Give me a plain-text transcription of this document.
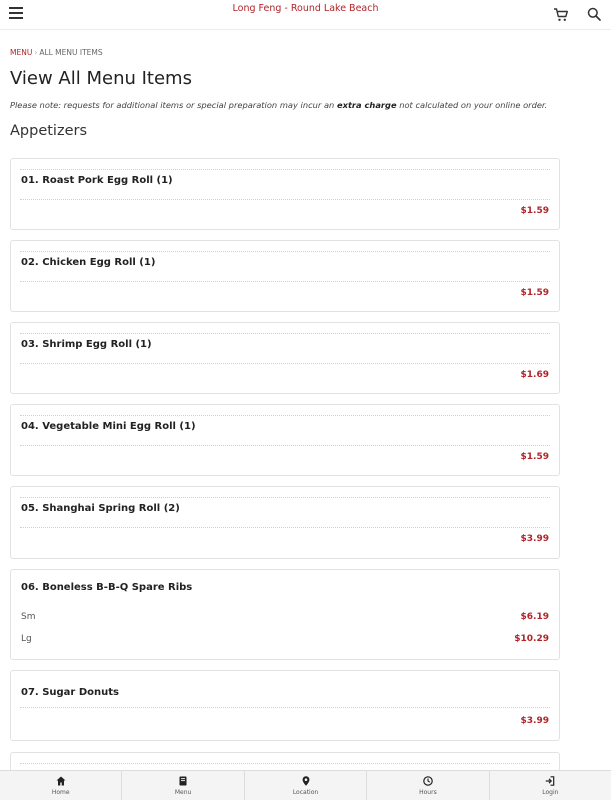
Long Feng - Round Lake Beach
MENU › ALL MENU ITEMS
View All Menu Items
Please note: requests for additional items or special preparation may incur an extra charge not calculated on your online order.
Appetizers
01. Roast Pork Egg Roll (1)
$1.59
02. Chicken Egg Roll (1)
$1.59
03. Shrimp Egg Roll (1)
$1.69
04. Vegetable Mini Egg Roll (1)
$1.59
05. Shanghai Spring Roll (2)
$3.99
06. Boneless B-B-Q Spare Ribs
Sm	$6.19
Lg	$10.29
07. Sugar Donuts
$3.99
Home	Menu	Location	Hours	Login
